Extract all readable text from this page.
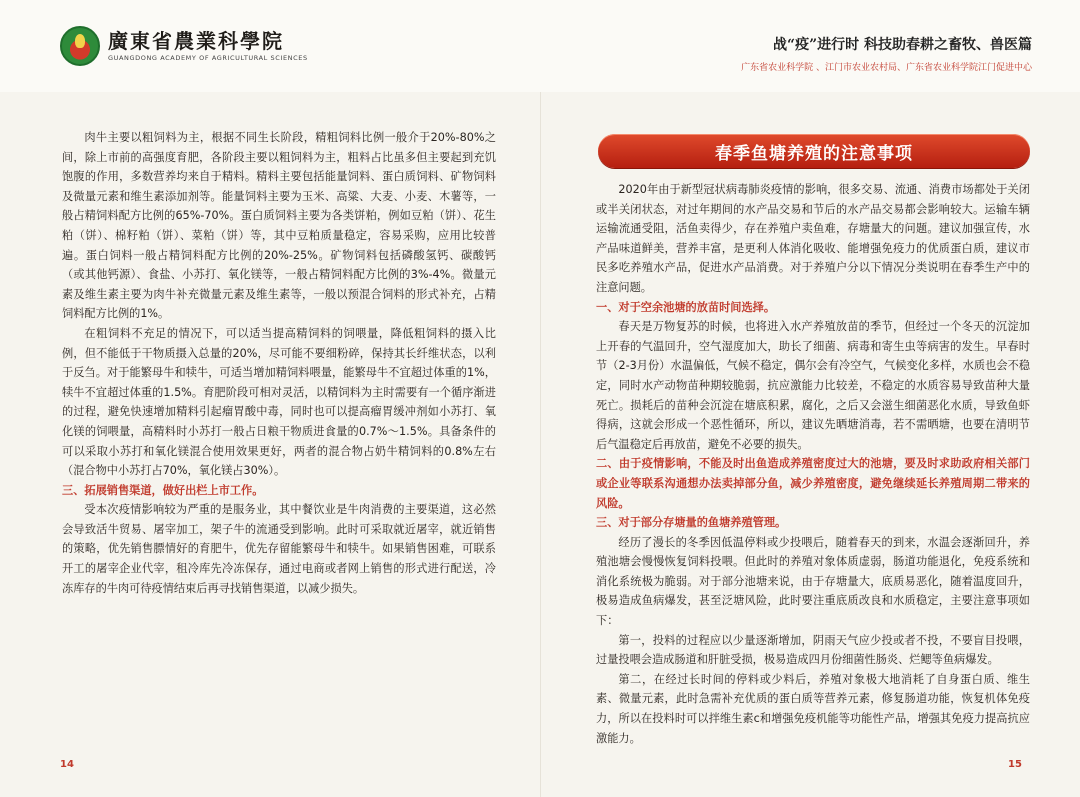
廣東省農業科學院
GUANGDONG ACADEMY OF AGRICULTURAL SCIENCES
战“疫”进行时 科技助春耕之畜牧、兽医篇
广东省农业科学院 、江门市农业农村局、广东省农业科学院江门促进中心

肉牛主要以粗饲料为主，根据不同生长阶段，精粗饲料比例一般介于20%-80%之间，除上市前的高强度育肥，各阶段主要以粗饲料为主，粗料占比虽多但主要起到充饥饱腹的作用，多数营养均来自于精料。精料主要包括能量饲料、蛋白质饲料、矿物饲料及微量元素和维生素添加剂等。能量饲料主要为玉米、高粱、大麦、小麦、木薯等，一般占精饲料配方比例的65%-70%。蛋白质饲料主要为各类饼粕，例如豆粕（饼）、花生粕（饼）、棉籽粕（饼）、菜粕（饼）等，其中豆粕质量稳定，容易采购，应用比较普遍。蛋白饲料一般占精饲料配方比例的20%-25%。矿物饲料包括磷酸氢钙、碳酸钙（或其他钙源）、食盐、小苏打、氧化镁等，一般占精饲料配方比例的3%-4%。微量元素及维生素主要为肉牛补充微量元素及维生素等，一般以预混合饲料的形式补充，占精饲料配方比例的1%。

在粗饲料不充足的情况下，可以适当提高精饲料的饲喂量，降低粗饲料的摄入比例，但不能低于干物质摄入总量的20%，尽可能不要细粉碎，保持其长纤维状态，以利于反刍。对于能繁母牛和犊牛，可适当增加精饲料喂量，能繁母牛不宜超过体重的1%，犊牛不宜超过体重的1.5%。育肥阶段可相对灵活，以精饲料为主时需要有一个循序渐进的过程，避免快速增加精料引起瘤胃酸中毒，同时也可以提高瘤胃缓冲剂如小苏打、氧化镁的饲喂量，高精料时小苏打一般占日粮干物质进食量的0.7%～1.5%。具备条件的可以采取小苏打和氧化镁混合使用效果更好，两者的混合物占奶牛精饲料的0.8%左右（混合物中小苏打占70%，氧化镁占30%）。

三、拓展销售渠道，做好出栏上市工作。

受本次疫情影响较为严重的是服务业，其中餐饮业是牛肉消费的主要渠道，这必然会导致活牛贸易、屠宰加工，架子牛的流通受到影响。此时可采取就近屠宰，就近销售的策略，优先销售膘情好的育肥牛，优先存留能繁母牛和犊牛。如果销售困难，可联系开工的屠宰企业代宰，租冷库先冷冻保存，通过电商或者网上销售的形式进行配送，冷冻库存的牛肉可待疫情结束后再寻找销售渠道，以减少损失。

春季鱼塘养殖的注意事项

2020年由于新型冠状病毒肺炎疫情的影响，很多交易、流通、消费市场都处于关闭或半关闭状态，对过年期间的水产品交易和节后的水产品交易都会影响较大。运输车辆运输流通受阻，活鱼卖得少，存在养殖户卖鱼难，存塘量大的问题。建议加强宣传，水产品味道鲜美，营养丰富，是更利人体消化吸收、能增强免疫力的优质蛋白质，建议市民多吃养殖水产品，促进水产品消费。对于养殖户分以下情况分类说明在春季生产中的注意问题。

一、对于空余池塘的放苗时间选择。

春天是万物复苏的时候，也将进入水产养殖放苗的季节，但经过一个冬天的沉淀加上开春的气温回升，空气湿度加大，助长了细菌、病毒和寄生虫等病害的发生。早春时节（2-3月份）水温偏低，气候不稳定，偶尔会有冷空气，气候变化多样，水质也会不稳定，同时水产动物苗种期较脆弱，抗应激能力比较差，不稳定的水质容易导致苗种大量死亡。损耗后的苗种会沉淀在塘底积累，腐化，之后又会滋生细菌恶化水质，导致鱼虾得病，这就会形成一个恶性循环，所以，建议先晒塘消毒，若不需晒塘，也要在清明节后气温稳定后再放苗，避免不必要的损失。

二、由于疫情影响，不能及时出鱼造成养殖密度过大的池塘，要及时求助政府相关部门或企业等联系沟通想办法卖掉部分鱼，减少养殖密度，避免继续延长养殖周期二带来的风险。

三、对于部分存塘量的鱼塘养殖管理。

经历了漫长的冬季因低温停料或少投喂后，随着春天的到来，水温会逐渐回升，养殖池塘会慢慢恢复饲料投喂。但此时的养殖对象体质虚弱，肠道功能退化，免疫系统和消化系统极为脆弱。对于部分池塘来说，由于存塘量大，底质易恶化，随着温度回升，极易造成鱼病爆发，甚至泛塘风险，此时要注重底质改良和水质稳定，主要注意事项如下：

第一，投料的过程应以少量逐渐增加，阴雨天气应少投或者不投，不要盲目投喂，过量投喂会造成肠道和肝脏受损，极易造成四月份细菌性肠炎、烂鳃等鱼病爆发。

第二，在经过长时间的停料或少料后，养殖对象极大地消耗了自身蛋白质、维生素、微量元素，此时急需补充优质的蛋白质等营养元素，修复肠道功能，恢复机体免疫力，所以在投料时可以拌维生素c和增强免疫机能等功能性产品，增强其免疫力提高抗应激能力。

14	15
